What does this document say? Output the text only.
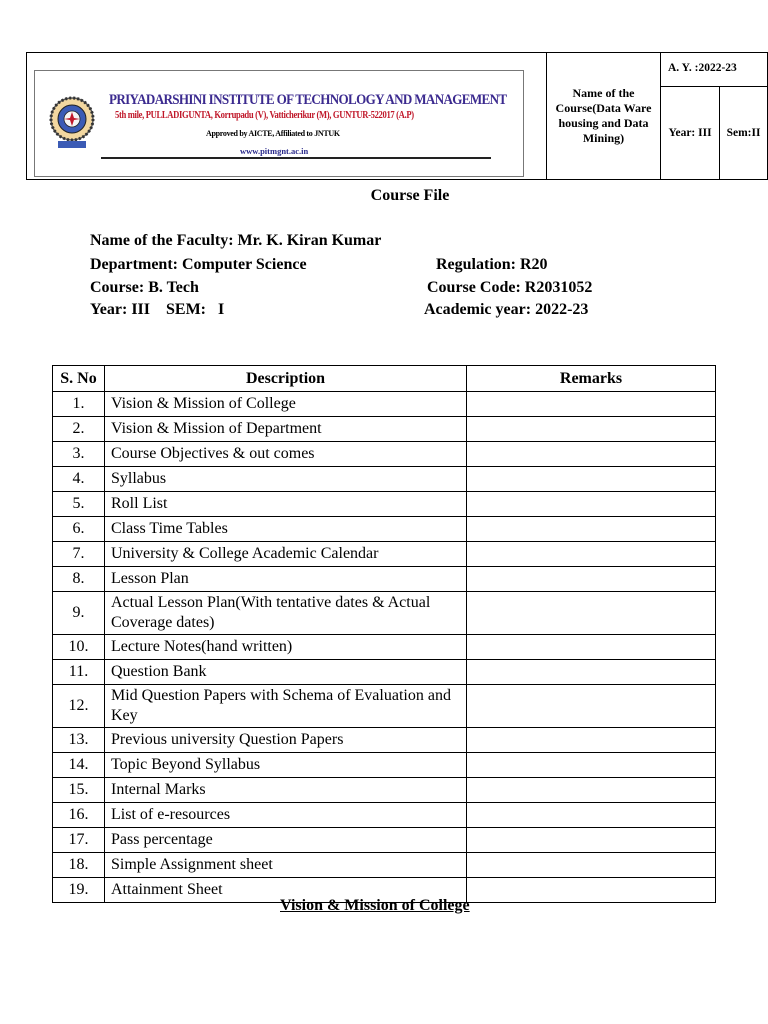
PRIYADARSHINI INSTITUTE OF TECHNOLOGY AND MANAGEMENT
5th mile, PULLADIGUNTA, Korrupadu (V), Vatticherikur (M), GUNTUR-522017 (A.P)
Approved by AICTE, Affiliated to JNTUK
www.pitmgnt.ac.in
Name of the Course(Data Ware housing and Data Mining)
A. Y. :2022-23
Year: III	Sem:II
Course File
Name of the Faculty: Mr. K. Kiran Kumar
Department: Computer Science	Regulation: R20
Course: B. Tech	Course Code: R2031052
Year: III    SEM:   I	Academic year: 2022-23
S. No	Description	Remarks
1.	Vision & Mission of College	
2.	Vision & Mission of Department	
3.	Course Objectives & out comes	
4.	Syllabus	
5.	Roll List	
6.	Class Time Tables	
7.	University & College Academic Calendar	
8.	Lesson Plan	
9.	Actual Lesson Plan(With tentative dates & Actual Coverage dates)	
10.	Lecture Notes(hand written)	
11.	Question Bank	
12.	Mid Question Papers with Schema of Evaluation and Key	
13.	Previous university Question Papers	
14.	Topic Beyond Syllabus	
15.	Internal Marks	
16.	List of e-resources	
17.	Pass percentage	
18.	Simple Assignment sheet	
19.	Attainment Sheet	
Vision & Mission of College
